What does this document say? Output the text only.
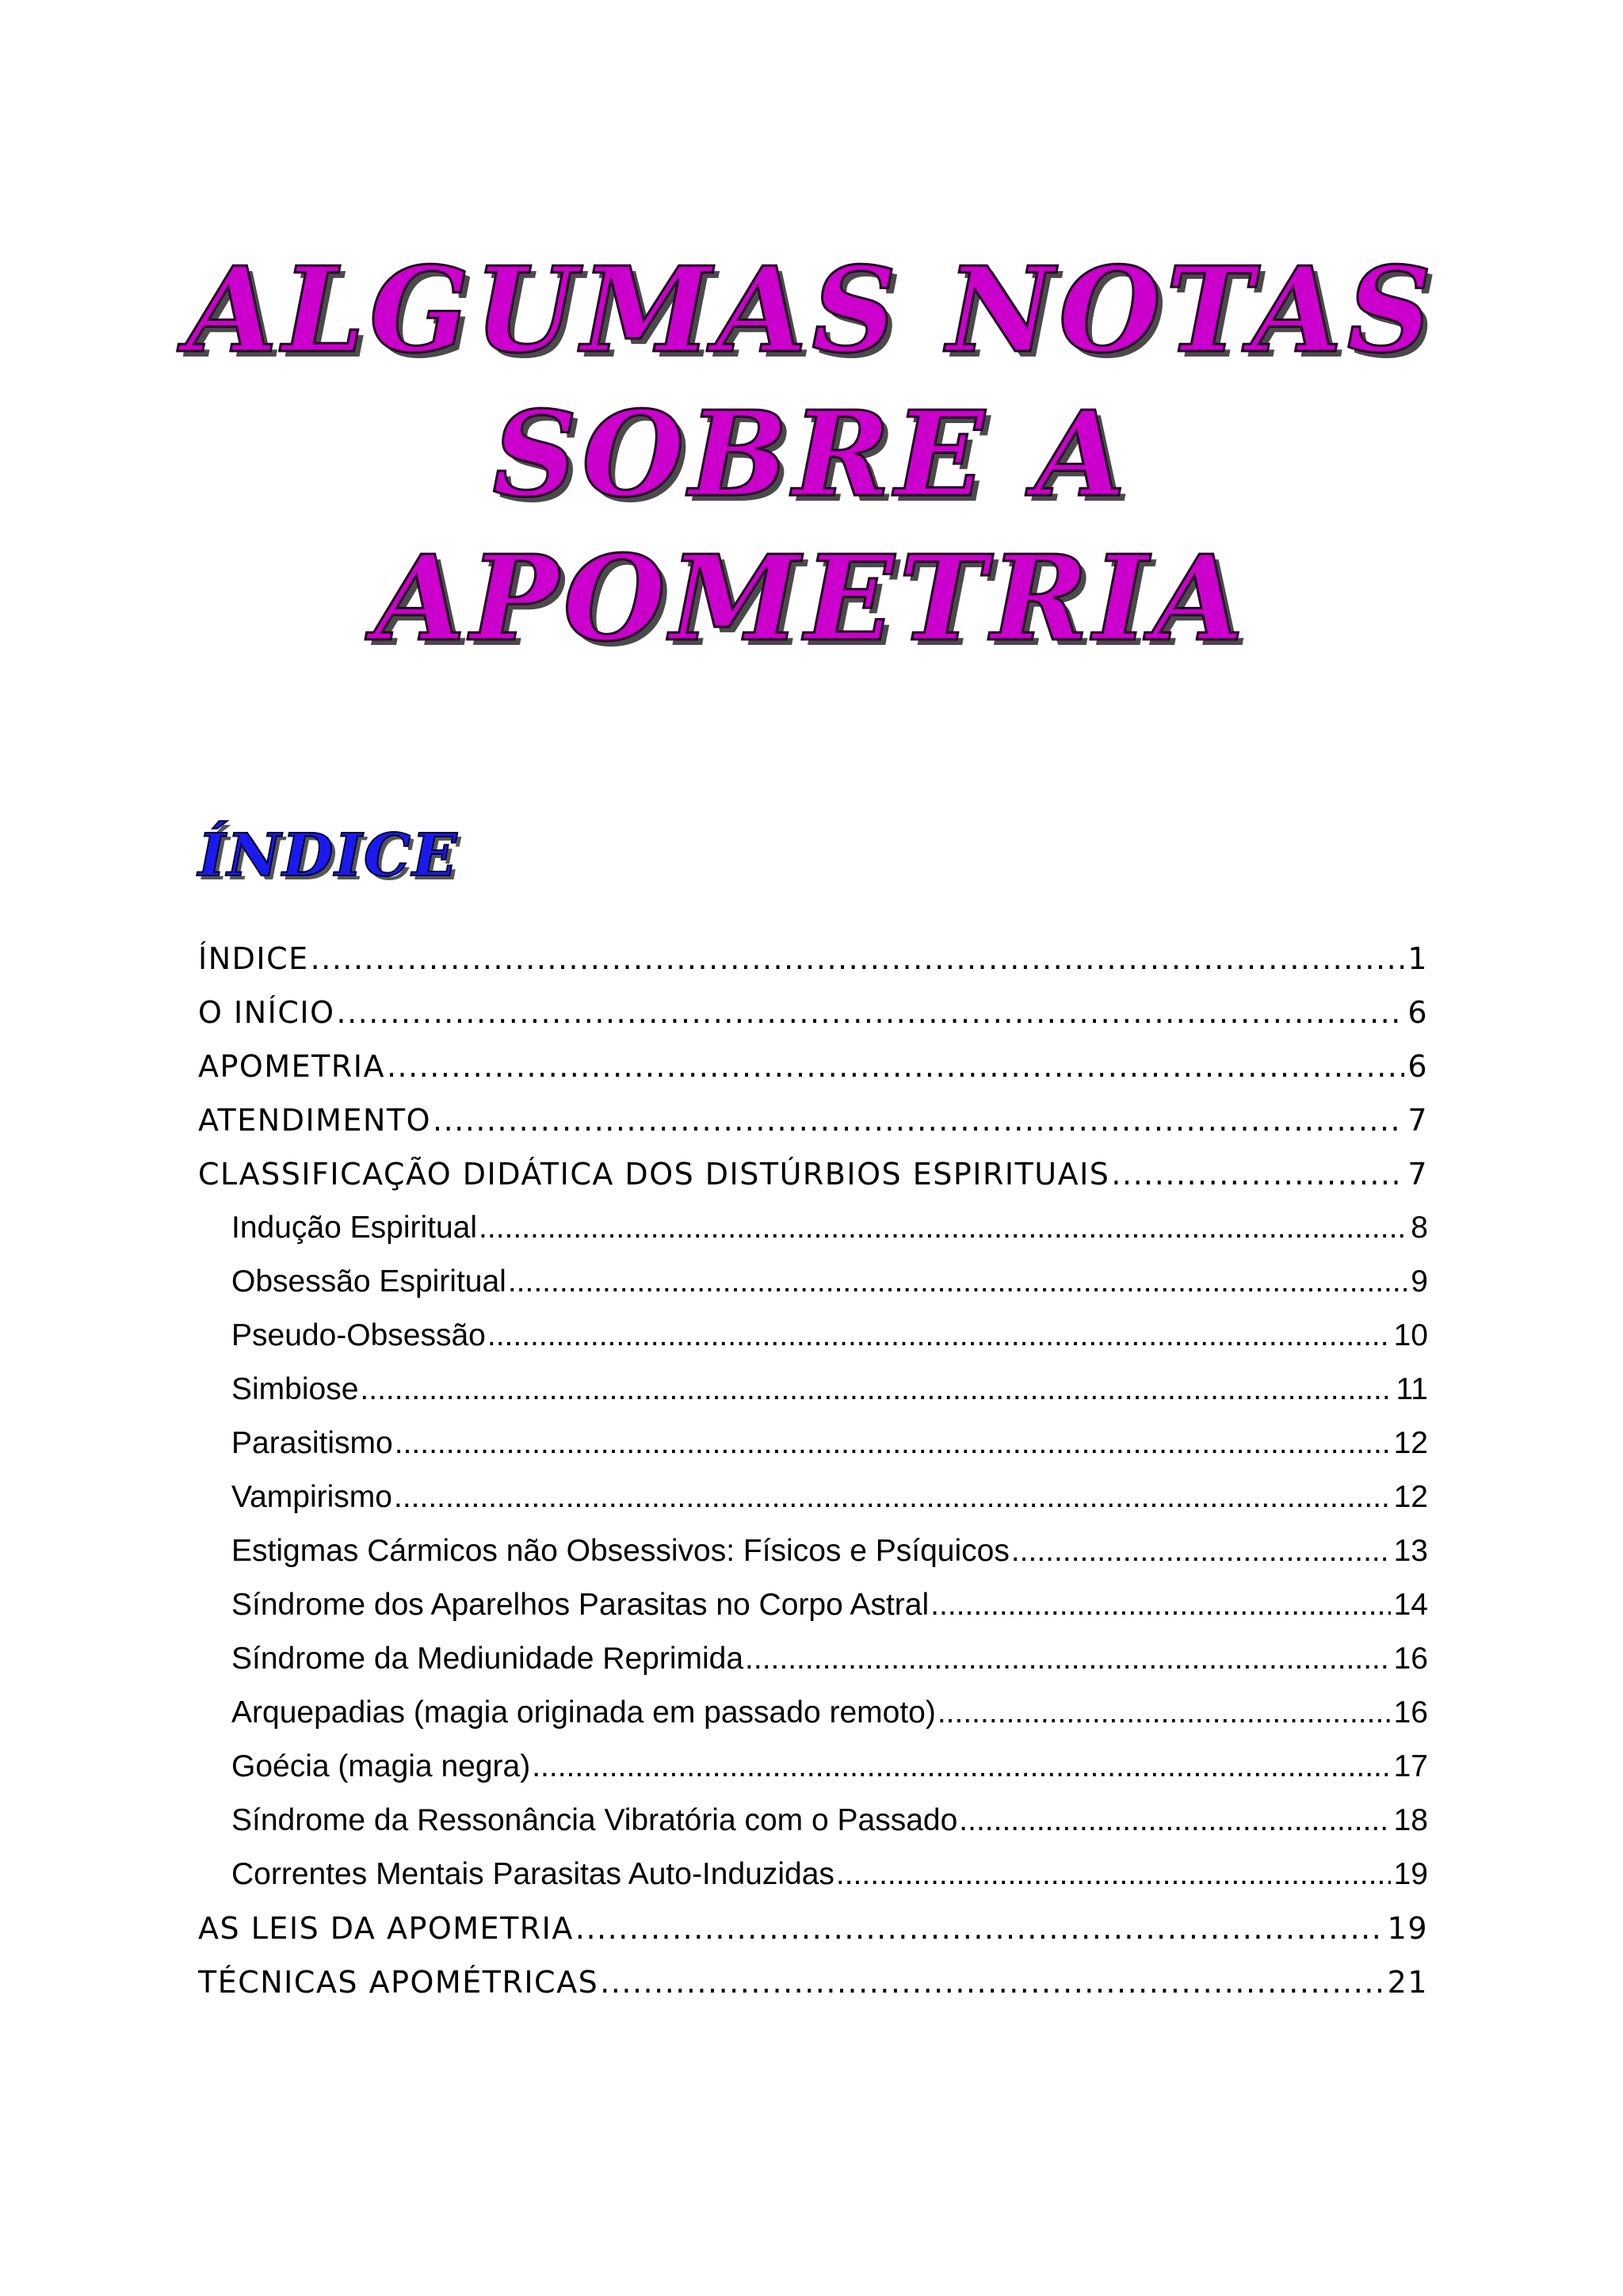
ALGUMAS NOTAS
SOBRE A
APOMETRIA
ÍNDICE
ÍNDICE .....	1
O INÍCIO .....	6
APOMETRIA .....	6
ATENDIMENTO .....	7
CLASSIFICAÇÃO DIDÁTICA DOS DISTÚRBIOS ESPIRITUAIS .....	7
Indução Espiritual .....	8
Obsessão Espiritual .....	9
Pseudo-Obsessão .....	10
Simbiose .....	11
Parasitismo .....	12
Vampirismo .....	12
Estigmas Cármicos não Obsessivos: Físicos e Psíquicos .....	13
Síndrome dos Aparelhos Parasitas no Corpo Astral .....	14
Síndrome da Mediunidade Reprimida .....	16
Arquepadias (magia originada em passado remoto) .....	16
Goécia (magia negra) .....	17
Síndrome da Ressonância Vibratória com o Passado .....	18
Correntes Mentais Parasitas Auto-Induzidas .....	19
AS LEIS DA APOMETRIA .....	19
TÉCNICAS APOMÉTRICAS .....	21
